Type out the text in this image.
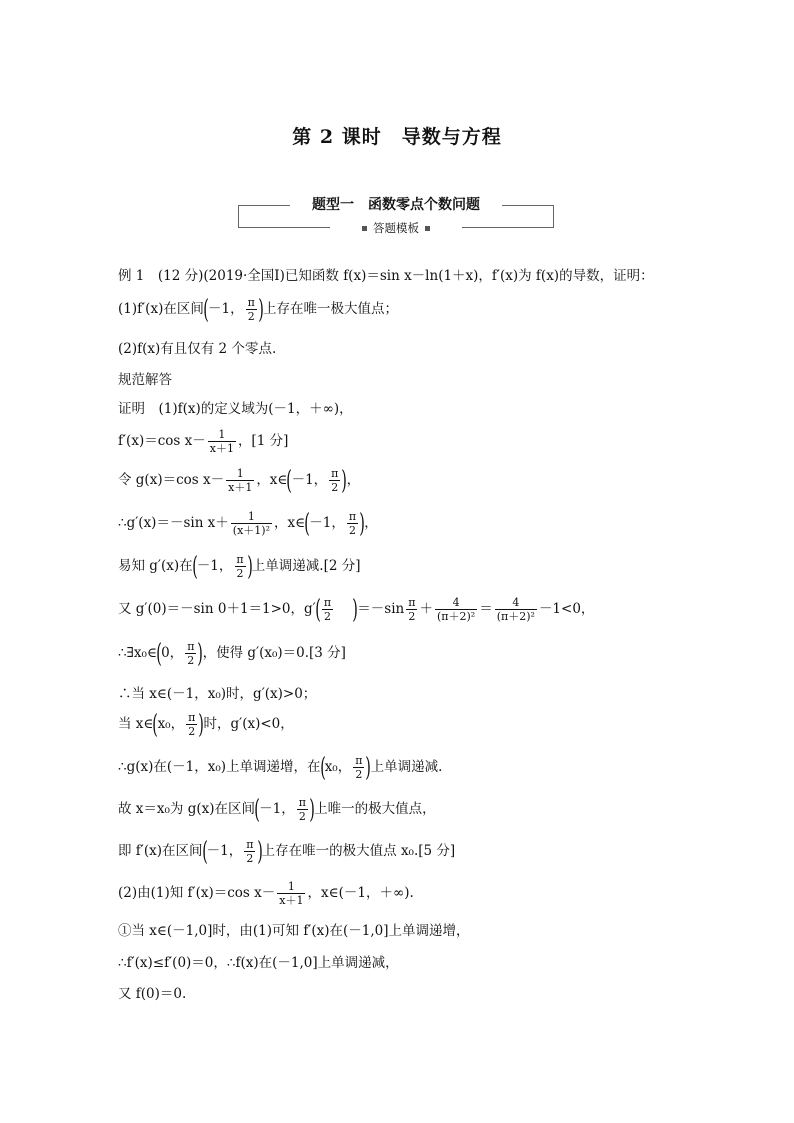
第 2 课时　导数与方程
题型一　函数零点个数问题
答题模板
例 1　(12 分)(2019·全国Ⅰ)已知函数 f(x)＝sin x－ln(1＋x)，f′(x)为 f(x)的导数，证明：
(1)f′(x)在区间(－1， $\frac{\pi}{2}$ )上存在唯一极大值点；
(2)f(x)有且仅有 2 个零点.
规范解答
证明　(1)f(x)的定义域为(－1，＋∞)，
f′(x)＝cos $x- \frac{1}{x+1}$ ，[1 分]
令 g(x)＝cos $x- \frac{1}{x+1}$ ，x∈(－1， $\frac{\pi}{2}$ )，
∴g′(x)＝－sin $x+ \frac{1}{\text{(x＋1)²}}$ ，x∈(－1， $\frac{\pi}{2}$ )，
易知 g′(x)在(－1， $\frac{\pi}{2}$ )上单调递减.[2 分]
又 g′(0)＝－sin 0＋1＝1>0，$g'( \frac{\pi}{2} )=-\sin \frac{\pi}{2} + \frac{4}{\text{(π＋2)²}} = \frac{4}{\text{(π＋2)²}} -1<0$，
∴∃x₀∈(0， $\frac{\pi}{2}$ )，使得 g′(x₀)＝0.[3 分]
∴当 x∈(－1，x₀)时，g′(x)>0；
当 x∈(x₀， $\frac{\pi}{2}$ )时，g′(x)<0，
∴g(x)在(－1，x₀)上单调递增，在(x₀， $\frac{\pi}{2}$ )上单调递减.
故 x＝x₀为 g(x)在区间(－1， $\frac{\pi}{2}$ )上唯一的极大值点，
即 f′(x)在区间(－1， $\frac{\pi}{2}$ )上存在唯一的极大值点 x₀.[5 分]
(2)由(1)知 f′(x)＝cos $x- \frac{1}{x+1}$ ，x∈(－1，＋∞).
①当 x∈(－1,0]时，由(1)可知 f′(x)在(－1,0]上单调递增，
∴f′(x)≤f′(0)＝0，∴f(x)在(－1,0]上单调递减，
又 f(0)＝0.
